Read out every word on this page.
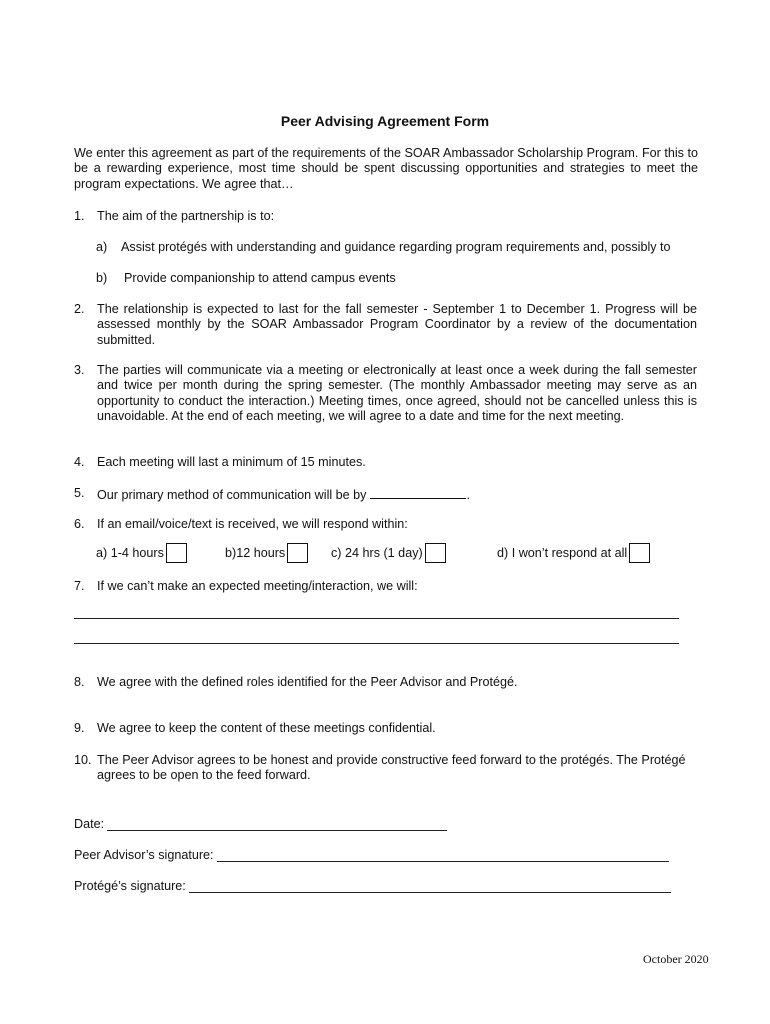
Peer Advising Agreement Form
We enter this agreement as part of the requirements of the SOAR Ambassador Scholarship Program. For this to be a rewarding experience, most time should be spent discussing opportunities and strategies to meet the program expectations. We agree that…
1. The aim of the partnership is to:
a) Assist protégés with understanding and guidance regarding program requirements and, possibly to
b) Provide companionship to attend campus events
2. The relationship is expected to last for the fall semester - September 1 to December 1. Progress will be assessed monthly by the SOAR Ambassador Program Coordinator by a review of the documentation submitted.
3. The parties will communicate via a meeting or electronically at least once a week during the fall semester and twice per month during the spring semester. (The monthly Ambassador meeting may serve as an opportunity to conduct the interaction.) Meeting times, once agreed, should not be cancelled unless this is unavoidable. At the end of each meeting, we will agree to a date and time for the next meeting.
4. Each meeting will last a minimum of 15 minutes.
5. Our primary method of communication will be by	.
6. If an email/voice/text is received, we will respond within:
a) 1-4 hours	b)12 hours	c) 24 hrs (1 day)	d) I won’t respond at all
7. If we can’t make an expected meeting/interaction, we will:
8. We agree with the defined roles identified for the Peer Advisor and Protégé.
9. We agree to keep the content of these meetings confidential.
10. The Peer Advisor agrees to be honest and provide constructive feed forward to the protégés. The Protégé agrees to be open to the feed forward.
Date:
Peer Advisor’s signature:
Protégé’s signature:
October 2020
